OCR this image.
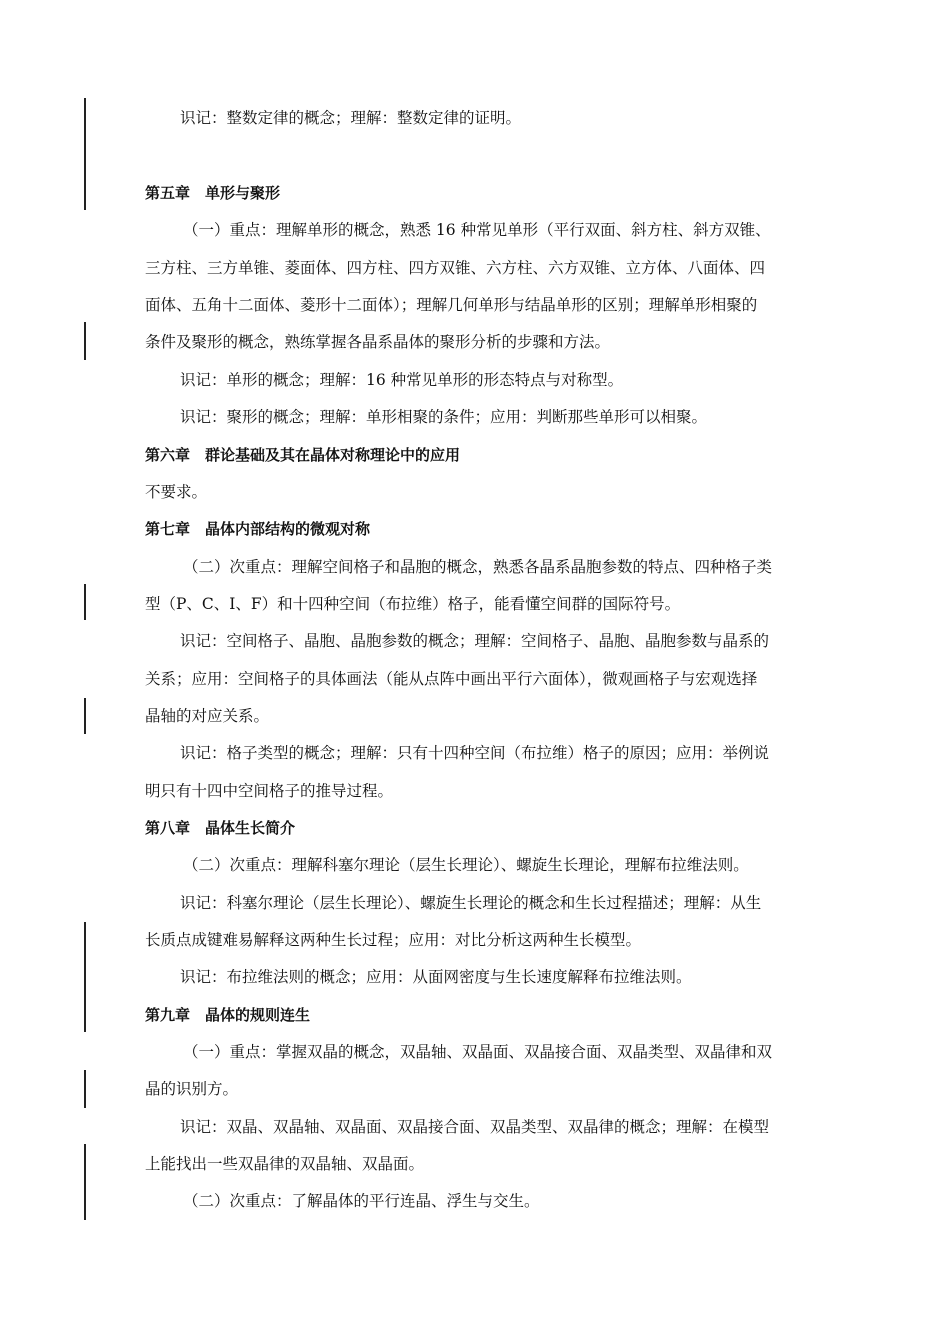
识记：整数定律的概念；理解：整数定律的证明。
第五章　单形与聚形
（一）重点：理解单形的概念，熟悉 16 种常见单形（平行双面、斜方柱、斜方双锥、
三方柱、三方单锥、菱面体、四方柱、四方双锥、六方柱、六方双锥、立方体、八面体、四
面体、五角十二面体、菱形十二面体）；理解几何单形与结晶单形的区别；理解单形相聚的
条件及聚形的概念，熟练掌握各晶系晶体的聚形分析的步骤和方法。
识记：单形的概念；理解：16 种常见单形的形态特点与对称型。
识记：聚形的概念；理解：单形相聚的条件；应用：判断那些单形可以相聚。
第六章　群论基础及其在晶体对称理论中的应用
不要求。
第七章　晶体内部结构的微观对称
（二）次重点：理解空间格子和晶胞的概念，熟悉各晶系晶胞参数的特点、四种格子类
型（P、C、I、F）和十四种空间（布拉维）格子，能看懂空间群的国际符号。
识记：空间格子、晶胞、晶胞参数的概念；理解：空间格子、晶胞、晶胞参数与晶系的
关系；应用：空间格子的具体画法（能从点阵中画出平行六面体），微观画格子与宏观选择
晶轴的对应关系。
识记：格子类型的概念；理解：只有十四种空间（布拉维）格子的原因；应用：举例说
明只有十四中空间格子的推导过程。
第八章　晶体生长简介
（二）次重点：理解科塞尔理论（层生长理论）、螺旋生长理论，理解布拉维法则。
识记：科塞尔理论（层生长理论）、螺旋生长理论的概念和生长过程描述；理解：从生
长质点成键难易解释这两种生长过程；应用：对比分析这两种生长模型。
识记：布拉维法则的概念；应用：从面网密度与生长速度解释布拉维法则。
第九章　晶体的规则连生
（一）重点：掌握双晶的概念，双晶轴、双晶面、双晶接合面、双晶类型、双晶律和双
晶的识别方。
识记：双晶、双晶轴、双晶面、双晶接合面、双晶类型、双晶律的概念；理解：在模型
上能找出一些双晶律的双晶轴、双晶面。
（二）次重点：了解晶体的平行连晶、浮生与交生。
